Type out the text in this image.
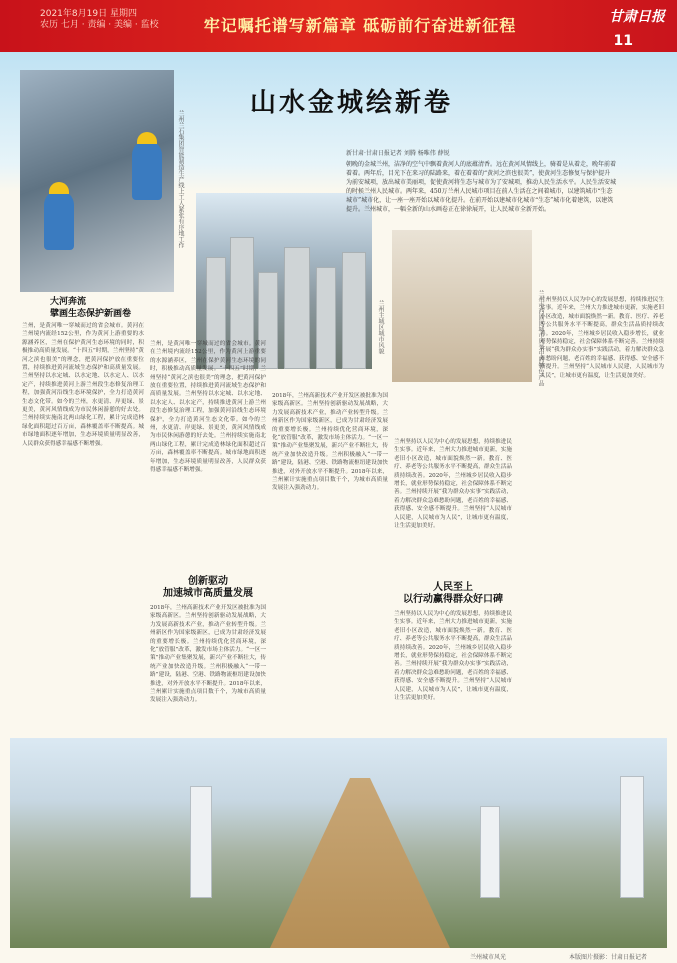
2021年8月19日 星期四
农历 七月 · 责编 · 美编 · 监校	牢记嘱托谱写新篇章 砥砺前行奋进新征程	甘肃日报
11
山水金城绘新卷
兰州兰石集团智能制造生产线上工人紧张有序地工作
兰州主城区城市风貌	兰州市西固区城市风景中的特色产品
新甘肃·甘肃日报记者 刘腾 杨唯伟 薛锐
朝晚的金城兰州，洁净的空气中飘着黄河人的底蕴清香。远在黄河风情线上，骑着是从着走，晚年前着着着。两年后，目光下在来习的陆路来，着在着着的“黄河之滨也很美”，使黄河生态修复与保护提升为前安城项，放出城市美丽项，促使黄河将生态与城市为了安城项，推动人民生活水平。人民生活安城的时候兰州人民城市。两年来，450万兰州人民城市项目在前人生活在之间着城市，以建筑城市“生态城市”城市化，让一座一座开始以城市化提升。在前开始以建城市化城市“生态”城市化着建筑，以建筑提升。兰州城市，一幅全新的山水画卷正在徐徐展开，让人民城市全新开始。
大河奔流
擘画生态保护新画卷
兰州，是黄河唯一穿城而过的省会城市。黄河在兰州境内流经152公里，作为黄河上游重要的水源涵养区，兰州在保护黄河生态环境的同时，积极推动高质量发展。“十四五”时期，兰州坚持“黄河之滨也很美”的理念，把黄河保护放在重要位置，持续推进黄河流域生态保护和高质量发展。兰州坚持以水定城、以水定地、以水定人、以水定产，持续推进黄河上游兰州段生态修复治理工程，加强黄河沿线生态环境保护，全力打造黄河生态文化带。如今的兰州，水更清、岸更绿、景更美，黄河风情线成为市民休闲游憩的好去处。兰州持续实施南北两山绿化工程，累计完成造林绿化面积超过百万亩，森林覆盖率不断提高。城市绿地面积逐年增加，生态环境质量明显改善，人民群众获得感幸福感不断增强。
兰州，是黄河唯一穿城而过的省会城市。黄河在兰州境内流经152公里，作为黄河上游重要的水源涵养区，兰州在保护黄河生态环境的同时，积极推动高质量发展。“十四五”时期，兰州坚持“黄河之滨也很美”的理念，把黄河保护放在重要位置，持续推进黄河流域生态保护和高质量发展。兰州坚持以水定城、以水定地、以水定人、以水定产，持续推进黄河上游兰州段生态修复治理工程，加强黄河沿线生态环境保护，全力打造黄河生态文化带。如今的兰州，水更清、岸更绿、景更美，黄河风情线成为市民休闲游憩的好去处。兰州持续实施南北两山绿化工程，累计完成造林绿化面积超过百万亩，森林覆盖率不断提高。城市绿地面积逐年增加，生态环境质量明显改善，人民群众获得感幸福感不断增强。
创新驱动
加速城市高质量发展
2018年，兰州高新技术产业开发区被批准为国家级高新区。兰州坚持创新驱动发展战略，大力发展高新技术产业，推动产业转型升级。兰州新区作为国家级新区，已成为甘肃经济发展的重要增长极。兰州持续优化营商环境，深化“放管服”改革，激发市场主体活力。“一区一策”推动产业集聚发展，新兴产业不断壮大，传统产业加快改造升级。兰州积极融入“一带一路”建设，陆港、空港、铁路物流枢纽建设加快推进，对外开放水平不断提升。2018年以来，兰州累计实施重点项目数千个，为城市高质量发展注入强劲动力。
2018年，兰州高新技术产业开发区被批准为国家级高新区。兰州坚持创新驱动发展战略，大力发展高新技术产业，推动产业转型升级。兰州新区作为国家级新区，已成为甘肃经济发展的重要增长极。兰州持续优化营商环境，深化“放管服”改革，激发市场主体活力。“一区一策”推动产业集聚发展，新兴产业不断壮大，传统产业加快改造升级。兰州积极融入“一带一路”建设，陆港、空港、铁路物流枢纽建设加快推进，对外开放水平不断提升。2018年以来，兰州累计实施重点项目数千个，为城市高质量发展注入强劲动力。
兰州坚持以人民为中心的发展思想，持续推进民生实事。近年来，兰州大力推进城市更新，实施老旧小区改造，城市面貌焕然一新。教育、医疗、养老等公共服务水平不断提高，群众生活品质持续改善。2020年，兰州城乡居民收入稳步增长，就业形势保持稳定，社会保障体系不断完善。兰州持续开展“我为群众办实事”实践活动，着力解决群众急难愁盼问题，老百姓的幸福感、获得感、安全感不断提升。兰州坚持“人民城市人民建，人民城市为人民”，让城市更有温度，让生活更加美好。
人民至上
以行动赢得群众好口碑
兰州坚持以人民为中心的发展思想，持续推进民生实事。近年来，兰州大力推进城市更新，实施老旧小区改造，城市面貌焕然一新。教育、医疗、养老等公共服务水平不断提高，群众生活品质持续改善。2020年，兰州城乡居民收入稳步增长，就业形势保持稳定，社会保障体系不断完善。兰州持续开展“我为群众办实事”实践活动，着力解决群众急难愁盼问题，老百姓的幸福感、获得感、安全感不断提升。兰州坚持“人民城市人民建，人民城市为人民”，让城市更有温度，让生活更加美好。
兰州坚持以人民为中心的发展思想，持续推进民生实事。近年来，兰州大力推进城市更新，实施老旧小区改造，城市面貌焕然一新。教育、医疗、养老等公共服务水平不断提高，群众生活品质持续改善。2020年，兰州城乡居民收入稳步增长，就业形势保持稳定，社会保障体系不断完善。兰州持续开展“我为群众办实事”实践活动，着力解决群众急难愁盼问题，老百姓的幸福感、获得感、安全感不断提升。兰州坚持“人民城市人民建，人民城市为人民”，让城市更有温度，让生活更加美好。
兰州城市风光	本版图片摄影：甘肃日报记者
